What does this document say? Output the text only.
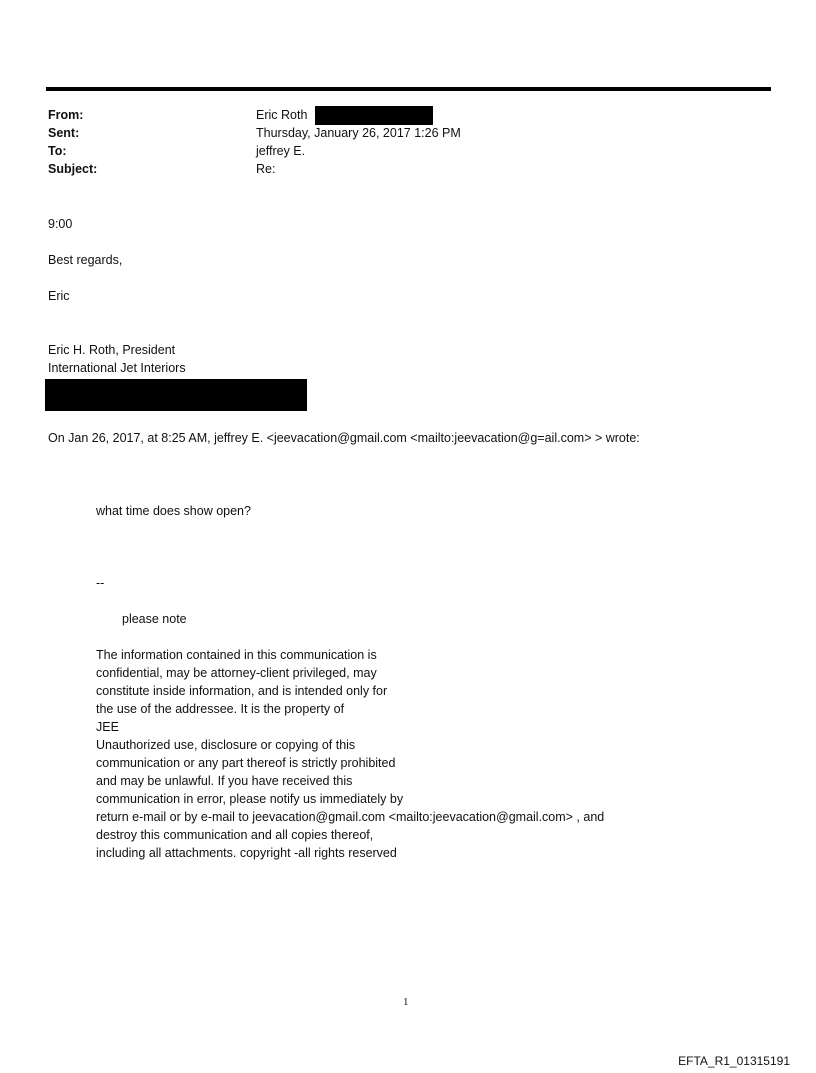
From:	Eric Roth
Sent:	Thursday, January 26, 2017 1:26 PM
To:	jeffrey E.
Subject:	Re:
9:00
Best regards,
Eric
Eric H. Roth, President
International Jet Interiors
On Jan 26, 2017, at 8:25 AM, jeffrey E. <jeevacation@gmail.com <mailto:jeevacation@g=ail.com> > wrote:
what time does show open?
--
please note
The information contained in this communication is
confidential, may be attorney-client privileged, may
constitute inside information, and is intended only for
the use of the addressee. It is the property of
JEE
Unauthorized use, disclosure or copying of this
communication or any part thereof is strictly prohibited
and may be unlawful. If you have received this
communication in error, please notify us immediately by
return e-mail or by e-mail to jeevacation@gmail.com <mailto:jeevacation@gmail.com> , and
destroy this communication and all copies thereof,
including all attachments. copyright -all rights reserved
1
EFTA_R1_01315191
